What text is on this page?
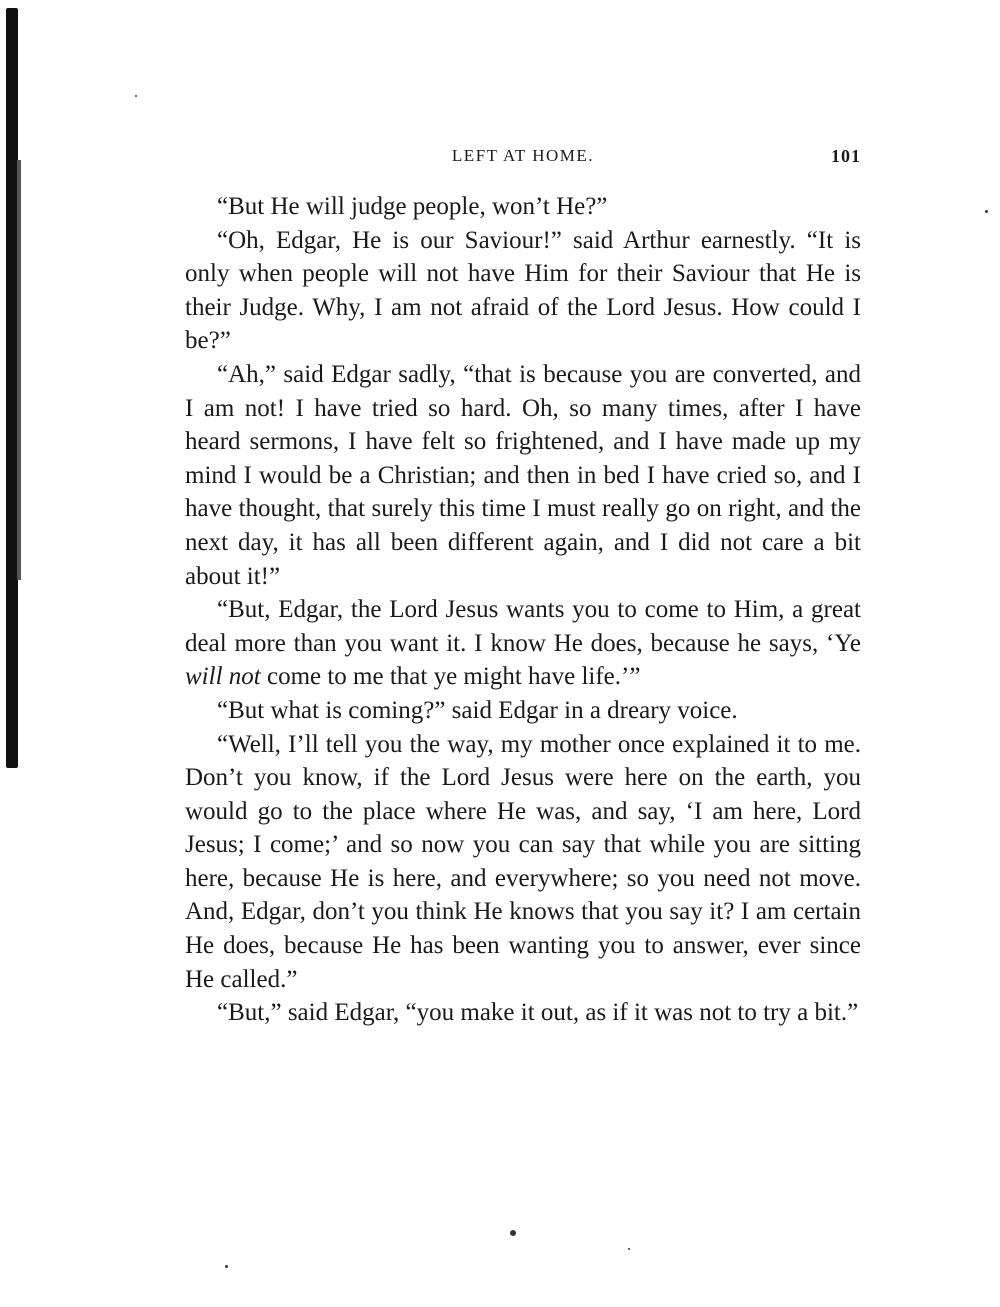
LEFT AT HOME.	101

“But He will judge people, won’t He?”

“Oh, Edgar, He is our Saviour!” said Arthur earnestly. “It is only when people will not have Him for their Saviour that He is their Judge. Why, I am not afraid of the Lord Jesus. How could I be?”

“Ah,” said Edgar sadly, “that is because you are converted, and I am not! I have tried so hard. Oh, so many times, after I have heard sermons, I have felt so frightened, and I have made up my mind I would be a Christian; and then in bed I have cried so, and I have thought, that surely this time I must really go on right, and the next day, it has all been different again, and I did not care a bit about it!”

“But, Edgar, the Lord Jesus wants you to come to Him, a great deal more than you want it. I know He does, because he says, ‘Ye will not come to me that ye might have life.’”

“But what is coming?” said Edgar in a dreary voice.

“Well, I’ll tell you the way, my mother once explained it to me. Don’t you know, if the Lord Jesus were here on the earth, you would go to the place where He was, and say, ‘I am here, Lord Jesus; I come;’ and so now you can say that while you are sitting here, because He is here, and everywhere; so you need not move. And, Edgar, don’t you think He knows that you say it? I am certain He does, because He has been wanting you to answer, ever since He called.”

“But,” said Edgar, “you make it out, as if it was not to try a bit.”
